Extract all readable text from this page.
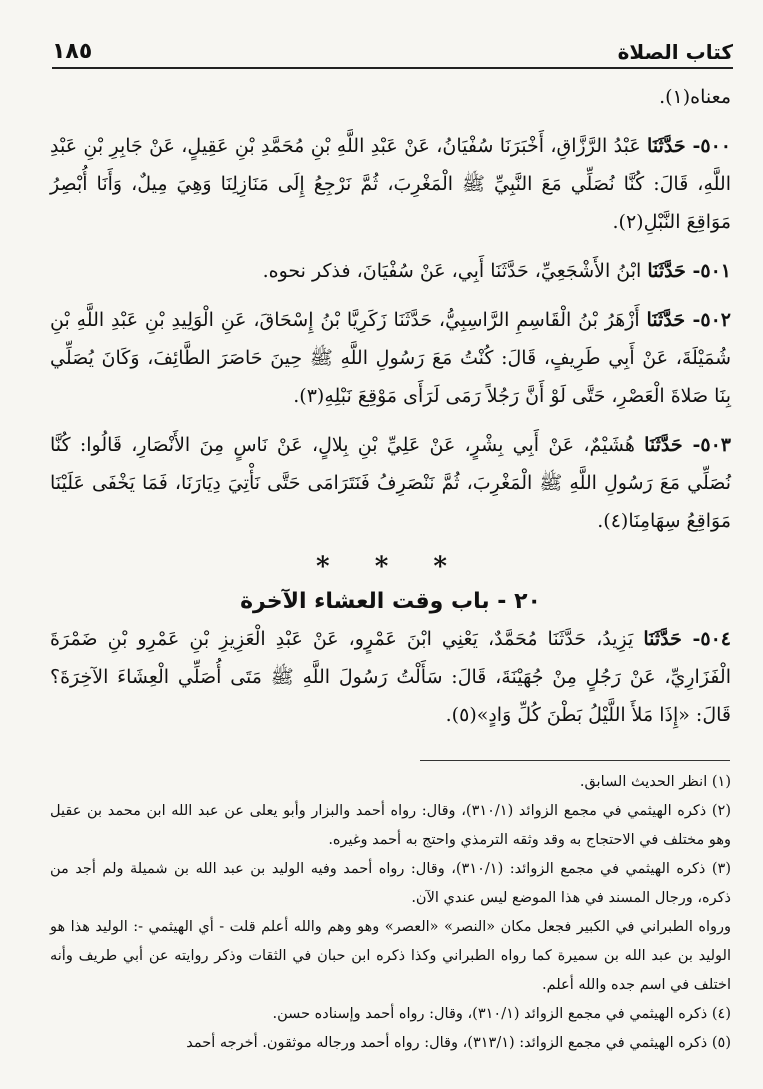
كتاب الصلاة
١٨٥

معناه(١).

٥٠٠- حَدَّثَنَا عَبْدُ الرَّزَّاقِ، أَخْبَرَنَا سُفْيَانُ، عَنْ عَبْدِ اللَّهِ بْنِ مُحَمَّدِ بْنِ عَقِيلٍ، عَنْ جَابِرِ بْنِ عَبْدِ اللَّهِ، قَالَ: كُنَّا نُصَلِّي مَعَ النَّبِيِّ ﷺ الْمَغْرِبَ، ثُمَّ نَرْجِعُ إِلَى مَنَازِلِنَا وَهِيَ مِيلٌ، وَأَنَا أُبْصِرُ مَوَاقِعَ النَّبْلِ(٢).

٥٠١- حَدَّثَنَا ابْنُ الأَشْجَعِيِّ، حَدَّثَنَا أَبِي، عَنْ سُفْيَانَ، فذكر نحوه.

٥٠٢- حَدَّثَنَا أَزْهَرُ بْنُ الْقَاسِمِ الرَّاسِبِيُّ، حَدَّثَنَا زَكَرِيَّا بْنُ إِسْحَاقَ، عَنِ الْوَلِيدِ بْنِ عَبْدِ اللَّهِ بْنِ شُمَيْلَةَ، عَنْ أَبِي طَرِيفٍ، قَالَ: كُنْتُ مَعَ رَسُولِ اللَّهِ ﷺ حِينَ حَاصَرَ الطَّائِفَ، وَكَانَ يُصَلِّي بِنَا صَلاةَ الْعَصْرِ، حَتَّى لَوْ أَنَّ رَجُلاً رَمَى لَرَأَى مَوْقِعَ نَبْلِهِ(٣).

٥٠٣- حَدَّثَنَا هُشَيْمٌ، عَنْ أَبِي بِشْرٍ، عَنْ عَلِيِّ بْنِ بِلالٍ، عَنْ نَاسٍ مِنَ الأَنْصَارِ، قَالُوا: كُنَّا نُصَلِّي مَعَ رَسُولِ اللَّهِ ﷺ الْمَغْرِبَ، ثُمَّ نَنْصَرِفُ فَنَتَرَامَى حَتَّى نَأْتِيَ دِيَارَنَا، فَمَا يَخْفَى عَلَيْنَا مَوَاقِعُ سِهَامِنَا(٤).

* * *
٢٠ - باب وقت العشاء الآخرة

٥٠٤- حَدَّثَنَا يَزِيدُ، حَدَّثَنَا مُحَمَّدٌ، يَعْنِي ابْنَ عَمْرٍو، عَنْ عَبْدِ الْعَزِيزِ بْنِ عَمْرِو بْنِ ضَمْرَةَ الْفَزَارِيِّ، عَنْ رَجُلٍ مِنْ جُهَيْنَةَ، قَالَ: سَأَلْتُ رَسُولَ اللَّهِ ﷺ مَتَى أُصَلِّي الْعِشَاءَ الآخِرَةَ؟ قَالَ: «إِذَا مَلأَ اللَّيْلُ بَطْنَ كُلِّ وَادٍ»(٥).

(١) انظر الحديث السابق.

(٢) ذكره الهيثمي في مجمع الزوائد (٣١٠/١)، وقال: رواه أحمد والبزار وأبو يعلى عن عبد الله ابن محمد بن عقيل وهو مختلف في الاحتجاج به وقد وثقه الترمذي واحتج به أحمد وغيره.

(٣) ذكره الهيثمي في مجمع الزوائد: (٣١٠/١)، وقال: رواه أحمد وفيه الوليد بن عبد الله بن شميلة ولم أجد من ذكره، ورجال المسند في هذا الموضع ليس عندي الآن.

ورواه الطبراني في الكبير فجعل مكان «النصر» «العصر» وهو وهم والله أعلم قلت - أي الهيثمي -: الوليد هذا هو الوليد بن عبد الله بن سميرة كما رواه الطبراني وكذا ذكره ابن حبان في الثقات وذكر روايته عن أبي طريف وأنه اختلف في اسم جده والله أعلم.

(٤) ذكره الهيثمي في مجمع الزوائد (٣١٠/١)، وقال: رواه أحمد وإسناده حسن.

(٥) ذكره الهيثمي في مجمع الزوائد: (٣١٣/١)، وقال: رواه أحمد ورجاله موثقون. أخرجه أحمد
